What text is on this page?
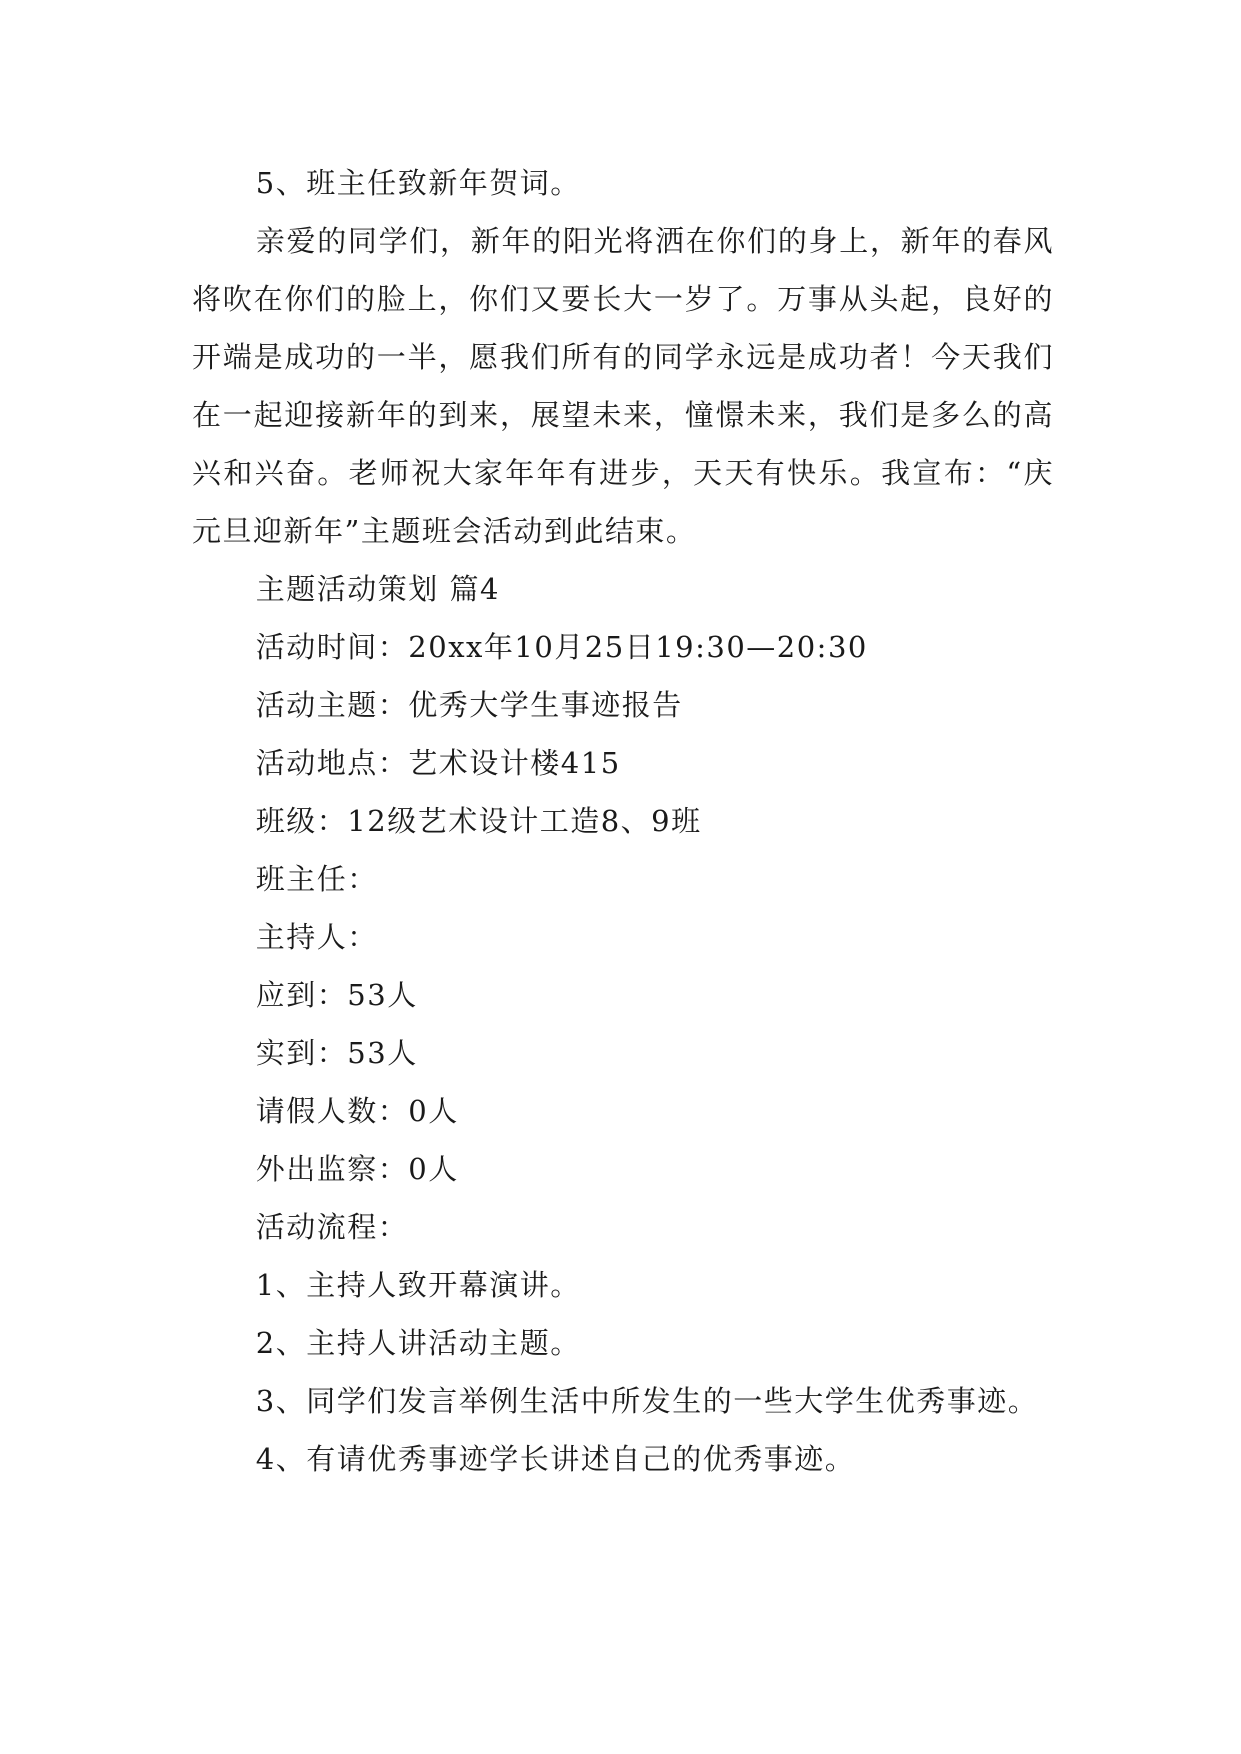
5、班主任致新年贺词。

亲爱的同学们，新年的阳光将洒在你们的身上，新年的春风将吹在你们的脸上，你们又要长大一岁了。万事从头起，良好的开端是成功的一半，愿我们所有的同学永远是成功者！今天我们在一起迎接新年的到来，展望未来，憧憬未来，我们是多么的高兴和兴奋。老师祝大家年年有进步，天天有快乐。我宣布：“庆元旦迎新年”主题班会活动到此结束。

主题活动策划 篇4

活动时间：20xx年10月25日19:30—20:30

活动主题：优秀大学生事迹报告

活动地点：艺术设计楼415

班级：12级艺术设计工造8、9班

班主任：

主持人：

应到：53人

实到：53人

请假人数：0人

外出监察：0人

活动流程：

1、主持人致开幕演讲。

2、主持人讲活动主题。

3、同学们发言举例生活中所发生的一些大学生优秀事迹。

4、有请优秀事迹学长讲述自己的优秀事迹。
